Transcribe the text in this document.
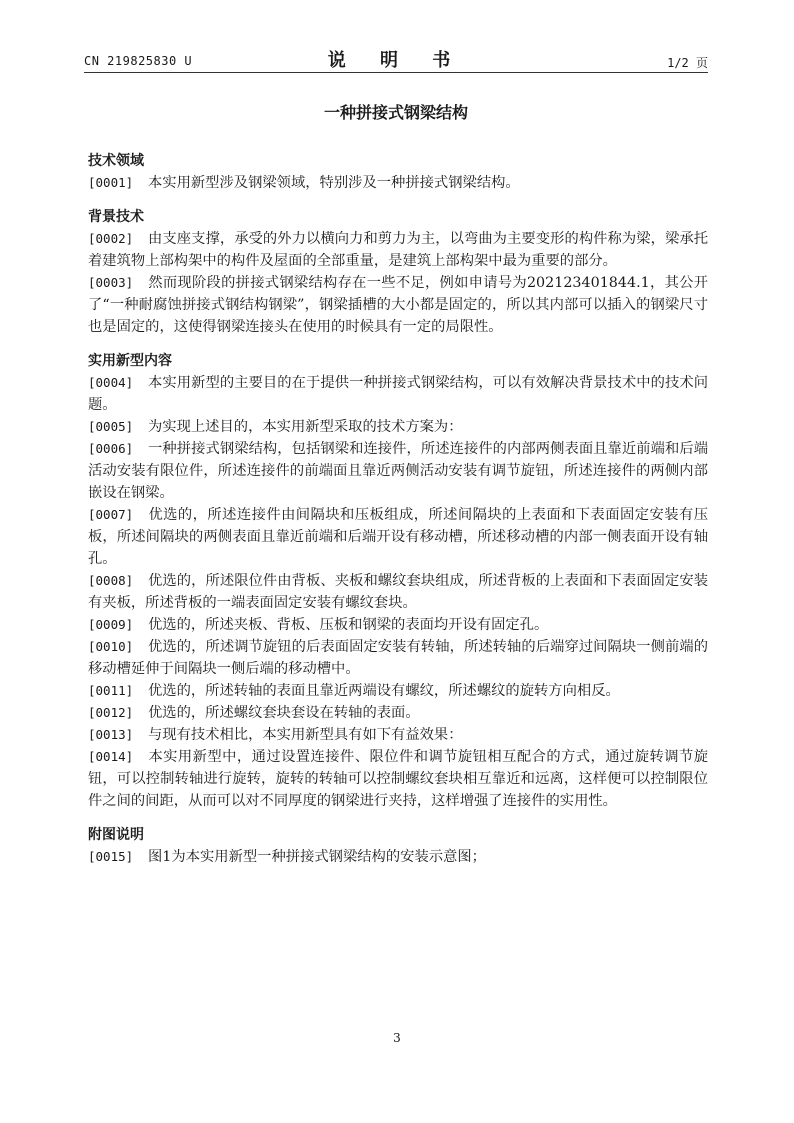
CN 219825830 U	说 明 书	1/2 页
一种拼接式钢梁结构
技术领域
[0001] 本实用新型涉及钢梁领域，特别涉及一种拼接式钢梁结构。
背景技术
[0002] 由支座支撑，承受的外力以横向力和剪力为主，以弯曲为主要变形的构件称为梁，梁承托着建筑物上部构架中的构件及屋面的全部重量，是建筑上部构架中最为重要的部分。
[0003] 然而现阶段的拼接式钢梁结构存在一些不足，例如申请号为202123401844.1，其公开了“一种耐腐蚀拼接式钢结构钢梁”，钢梁插槽的大小都是固定的，所以其内部可以插入的钢梁尺寸也是固定的，这使得钢梁连接头在使用的时候具有一定的局限性。
实用新型内容
[0004] 本实用新型的主要目的在于提供一种拼接式钢梁结构，可以有效解决背景技术中的技术问题。
[0005] 为实现上述目的，本实用新型采取的技术方案为：
[0006] 一种拼接式钢梁结构，包括钢梁和连接件，所述连接件的内部两侧表面且靠近前端和后端活动安装有限位件，所述连接件的前端面且靠近两侧活动安装有调节旋钮，所述连接件的两侧内部嵌设在钢梁。
[0007] 优选的，所述连接件由间隔块和压板组成，所述间隔块的上表面和下表面固定安装有压板，所述间隔块的两侧表面且靠近前端和后端开设有移动槽，所述移动槽的内部一侧表面开设有轴孔。
[0008] 优选的，所述限位件由背板、夹板和螺纹套块组成，所述背板的上表面和下表面固定安装有夹板，所述背板的一端表面固定安装有螺纹套块。
[0009] 优选的，所述夹板、背板、压板和钢梁的表面均开设有固定孔。
[0010] 优选的，所述调节旋钮的后表面固定安装有转轴，所述转轴的后端穿过间隔块一侧前端的移动槽延伸于间隔块一侧后端的移动槽中。
[0011] 优选的，所述转轴的表面且靠近两端设有螺纹，所述螺纹的旋转方向相反。
[0012] 优选的，所述螺纹套块套设在转轴的表面。
[0013] 与现有技术相比，本实用新型具有如下有益效果：
[0014] 本实用新型中，通过设置连接件、限位件和调节旋钮相互配合的方式，通过旋转调节旋钮，可以控制转轴进行旋转，旋转的转轴可以控制螺纹套块相互靠近和远离，这样便可以控制限位件之间的间距，从而可以对不同厚度的钢梁进行夹持，这样增强了连接件的实用性。
附图说明
[0015] 图1为本实用新型一种拼接式钢梁结构的安装示意图；
3
